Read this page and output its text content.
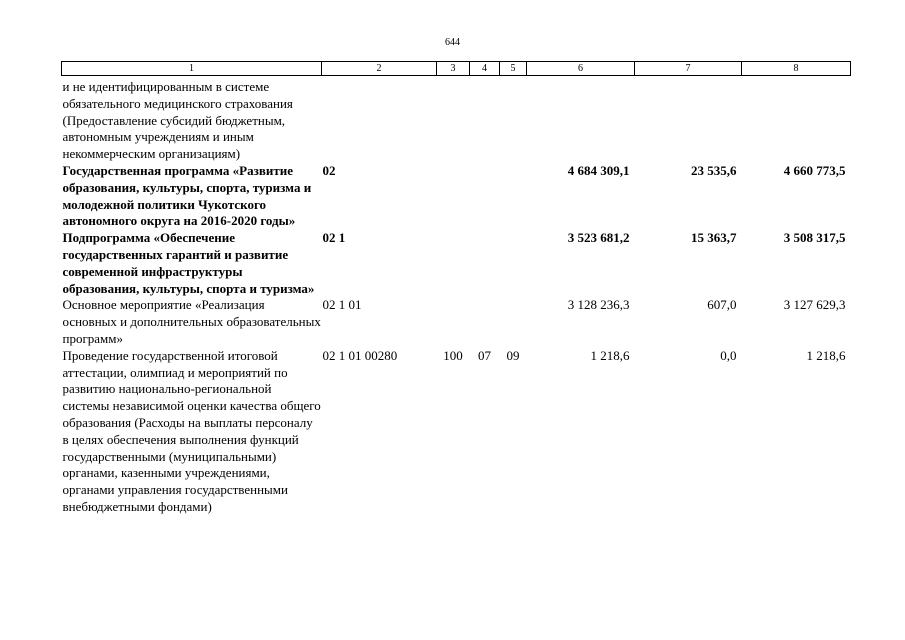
644
1	2	3	4	5	6	7	8
и не идентифицированным в системе обязательного медицинского страхования (Предоставление субсидий бюджетным, автономным учреждениям и иным некоммерческим организациям)							
Государственная программа «Развитие образования, культуры, спорта, туризма и молодежной политики Чукотского автономного округа на 2016-2020 годы»	02				4 684 309,1	23 535,6	4 660 773,5
Подпрограмма «Обеспечение государственных гарантий и развитие современной инфраструктуры образования, культуры, спорта и туризма»	02 1				3 523 681,2	15 363,7	3 508 317,5
Основное мероприятие «Реализация основных и дополнительных образовательных программ»	02 1 01				3 128 236,3	607,0	3 127 629,3
Проведение государственной итоговой аттестации, олимпиад и мероприятий по развитию национально-региональной системы независимой оценки качества общего образования (Расходы на выплаты персоналу в целях обеспечения выполнения функций государственными (муниципальными) органами, казенными учреждениями, органами управления государственными внебюджетными фондами)	02 1 01 00280	100	07	09	1 218,6	0,0	1 218,6
